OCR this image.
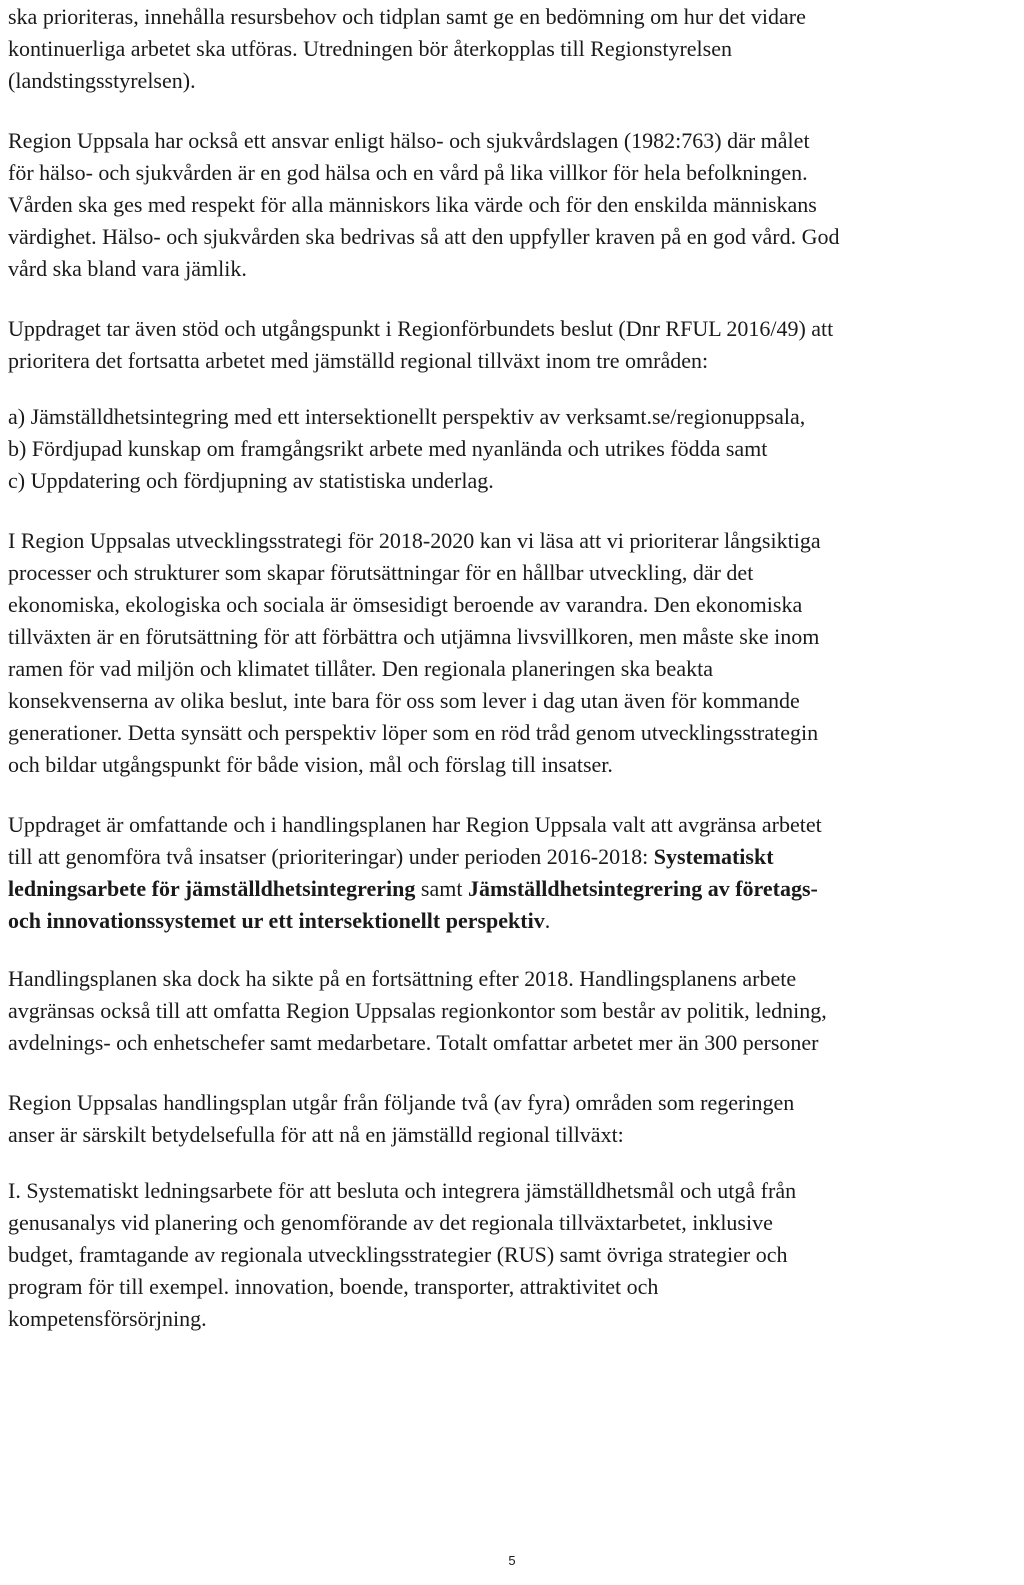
ska prioriteras, innehålla resursbehov och tidplan samt ge en bedömning om hur det vidare
kontinuerliga arbetet ska utföras. Utredningen bör återkopplas till Regionstyrelsen
(landstingsstyrelsen).
Region Uppsala har också ett ansvar enligt hälso- och sjukvårdslagen (1982:763) där målet
för hälso- och sjukvården är en god hälsa och en vård på lika villkor för hela befolkningen.
Vården ska ges med respekt för alla människors lika värde och för den enskilda människans
värdighet. Hälso- och sjukvården ska bedrivas så att den uppfyller kraven på en god vård. God
vård ska bland vara jämlik.
Uppdraget tar även stöd och utgångspunkt i Regionförbundets beslut (Dnr RFUL 2016/49) att
prioritera det fortsatta arbetet med jämställd regional tillväxt inom tre områden:
a) Jämställdhetsintegring med ett intersektionellt perspektiv av verksamt.se/regionuppsala,
b) Fördjupad kunskap om framgångsrikt arbete med nyanlända och utrikes födda samt
c) Uppdatering och fördjupning av statistiska underlag.
I Region Uppsalas utvecklingsstrategi för 2018-2020 kan vi läsa att vi prioriterar långsiktiga
processer och strukturer som skapar förutsättningar för en hållbar utveckling, där det
ekonomiska, ekologiska och sociala är ömsesidigt beroende av varandra. Den ekonomiska
tillväxten är en förutsättning för att förbättra och utjämna livsvillkoren, men måste ske inom
ramen för vad miljön och klimatet tillåter. Den regionala planeringen ska beakta
konsekvenserna av olika beslut, inte bara för oss som lever i dag utan även för kommande
generationer. Detta synsätt och perspektiv löper som en röd tråd genom utvecklingsstrategin
och bildar utgångspunkt för både vision, mål och förslag till insatser.
Uppdraget är omfattande och i handlingsplanen har Region Uppsala valt att avgränsa arbetet
till att genomföra två insatser (prioriteringar) under perioden 2016-2018: Systematiskt
ledningsarbete för jämställdhetsintegrering samt Jämställdhetsintegrering av företags-
och innovationssystemet ur ett intersektionellt perspektiv.
Handlingsplanen ska dock ha sikte på en fortsättning efter 2018. Handlingsplanens arbete
avgränsas också till att omfatta Region Uppsalas regionkontor som består av politik, ledning,
avdelnings- och enhetschefer samt medarbetare. Totalt omfattar arbetet mer än 300 personer
Region Uppsalas handlingsplan utgår från följande två (av fyra) områden som regeringen
anser är särskilt betydelsefulla för att nå en jämställd regional tillväxt:
I. Systematiskt ledningsarbete för att besluta och integrera jämställdhetsmål och utgå från
genusanalys vid planering och genomförande av det regionala tillväxtarbetet, inklusive
budget, framtagande av regionala utvecklingsstrategier (RUS) samt övriga strategier och
program för till exempel. innovation, boende, transporter, attraktivitet och
kompetensförsörjning.
5
